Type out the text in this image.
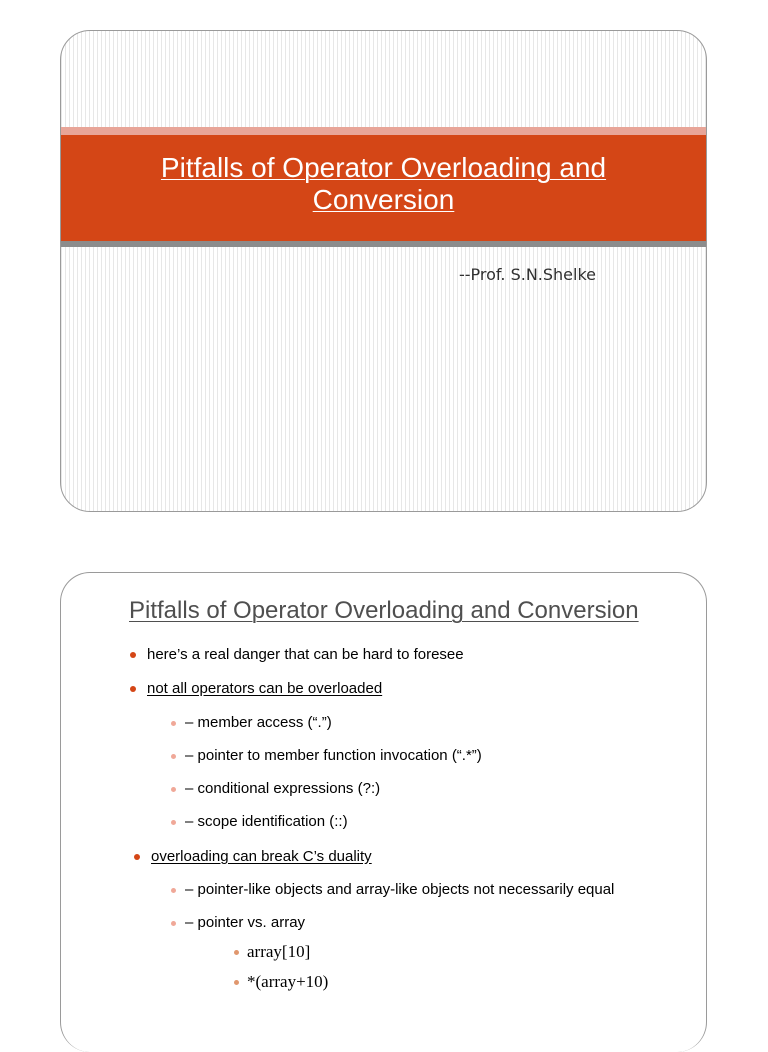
Pitfalls of Operator Overloading and
Conversion
--Prof. S.N.Shelke
Pitfalls of Operator Overloading and Conversion
here’s a real danger that can be hard to foresee
not all operators can be overloaded
– member access (“.”)
– pointer to member function invocation (“.*”)
– conditional expressions (?:)
– scope identification (::)
overloading can break C’s duality
– pointer-like objects and array-like objects not necessarily equal
– pointer vs. array
array[10]
*(array+10)
